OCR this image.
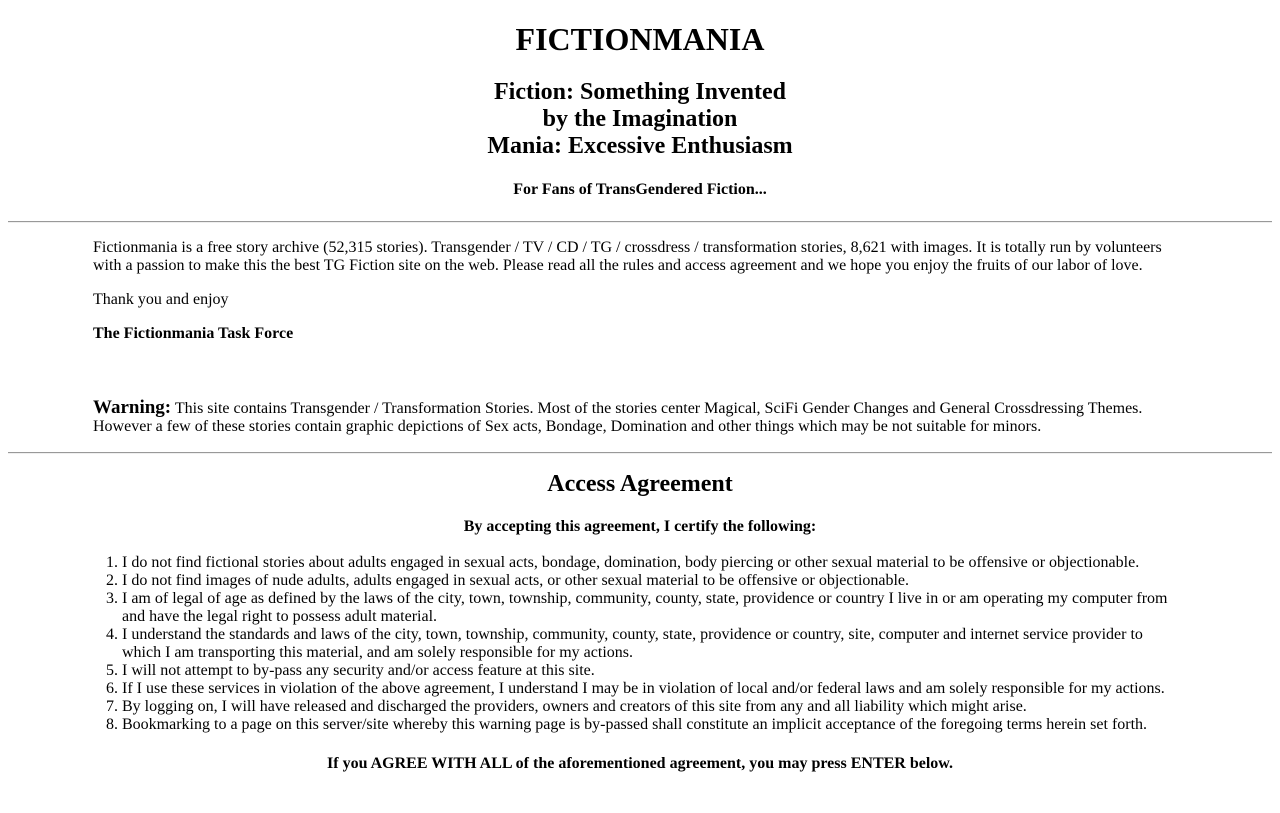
FICTIONMANIA
Fiction: Something Invented
by the Imagination
Mania: Excessive Enthusiasm

For Fans of TransGendered Fiction...

Fictionmania is a free story archive (52,315 stories). Transgender / TV / CD / TG / crossdress / transformation stories, 8,621 with images. It is totally run by volunteers with a passion to make this the best TG Fiction site on the web. Please read all the rules and access agreement and we hope you enjoy the fruits of our labor of love.

Thank you and enjoy

The Fictionmania Task Force

Warning: This site contains Transgender / Transformation Stories. Most of the stories center Magical, SciFi Gender Changes and General Crossdressing Themes. However a few of these stories contain graphic depictions of Sex acts, Bondage, Domination and other things which may be not suitable for minors.

Access Agreement

By accepting this agreement, I certify the following:

1. I do not find fictional stories about adults engaged in sexual acts, bondage, domination, body piercing or other sexual material to be offensive or objectionable.
2. I do not find images of nude adults, adults engaged in sexual acts, or other sexual material to be offensive or objectionable.
3. I am of legal of age as defined by the laws of the city, town, township, community, county, state, providence or country I live in or am operating my computer from and have the legal right to possess adult material.
4. I understand the standards and laws of the city, town, township, community, county, state, providence or country, site, computer and internet service provider to which I am transporting this material, and am solely responsible for my actions.
5. I will not attempt to by-pass any security and/or access feature at this site.
6. If I use these services in violation of the above agreement, I understand I may be in violation of local and/or federal laws and am solely responsible for my actions.
7. By logging on, I will have released and discharged the providers, owners and creators of this site from any and all liability which might arise.
8. Bookmarking to a page on this server/site whereby this warning page is by-passed shall constitute an implicit acceptance of the foregoing terms herein set forth.

If you AGREE WITH ALL of the aforementioned agreement, you may press ENTER below.
